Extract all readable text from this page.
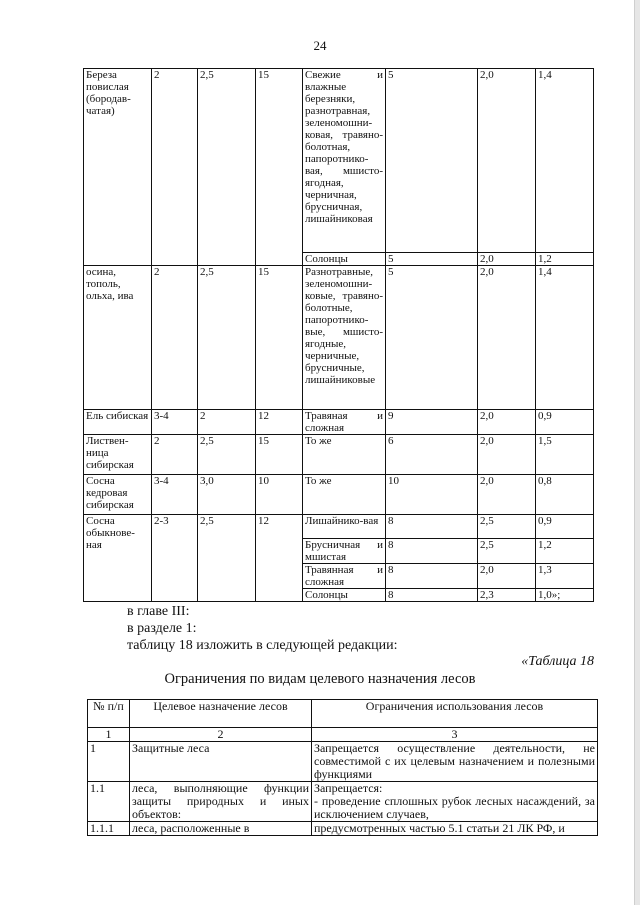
24
Береза повислая (бородав-чатая)	2	2,5	15	Свежие и влажные березняки, разнотравная, зеленомошни-ковая, травяно-болотная, папоротнико-вая, мшисто-ягодная, черничная, брусничная, лишайниковая	5	2,0	1,4
				Солонцы	5	2,0	1,2
осина, тополь, ольха, ива	2	2,5	15	Разнотравные, зеленомошни-ковые, травяно-болотные, папоротнико-вые, мшисто-ягодные, черничные, брусничные, лишайниковые	5	2,0	1,4
Ель сибиская	3-4	2	12	Травяная и сложная	9	2,0	0,9
Листвен-ница сибирская	2	2,5	15	То же	6	2,0	1,5
Сосна кедровая сибирская	3-4	3,0	10	То же	10	2,0	0,8
Сосна обыкнове-ная	2-3	2,5	12	Лишайнико-вая	8	2,5	0,9
				Брусничная и мшистая	8	2,5	1,2
				Травянная и сложная	8	2,0	1,3
				Солонцы	8	2,3	1,0»;
в главе III:
в разделе 1:
таблицу 18 изложить в следующей редакции:
«Таблица 18
Ограничения по видам целевого назначения лесов
№ п/п	Целевое назначение лесов	Ограничения использования лесов
1	2	3
1	Защитные леса	Запрещается осуществление деятельности, не совместимой с их целевым назначением и полезными функциями
1.1	леса, выполняющие функции защиты природных и иных объектов:	Запрещается:
- проведение сплошных рубок лесных насаждений, за исключением случаев,
1.1.1	леса, расположенные в	предусмотренных частью 5.1 статьи 21 ЛК РФ, и
